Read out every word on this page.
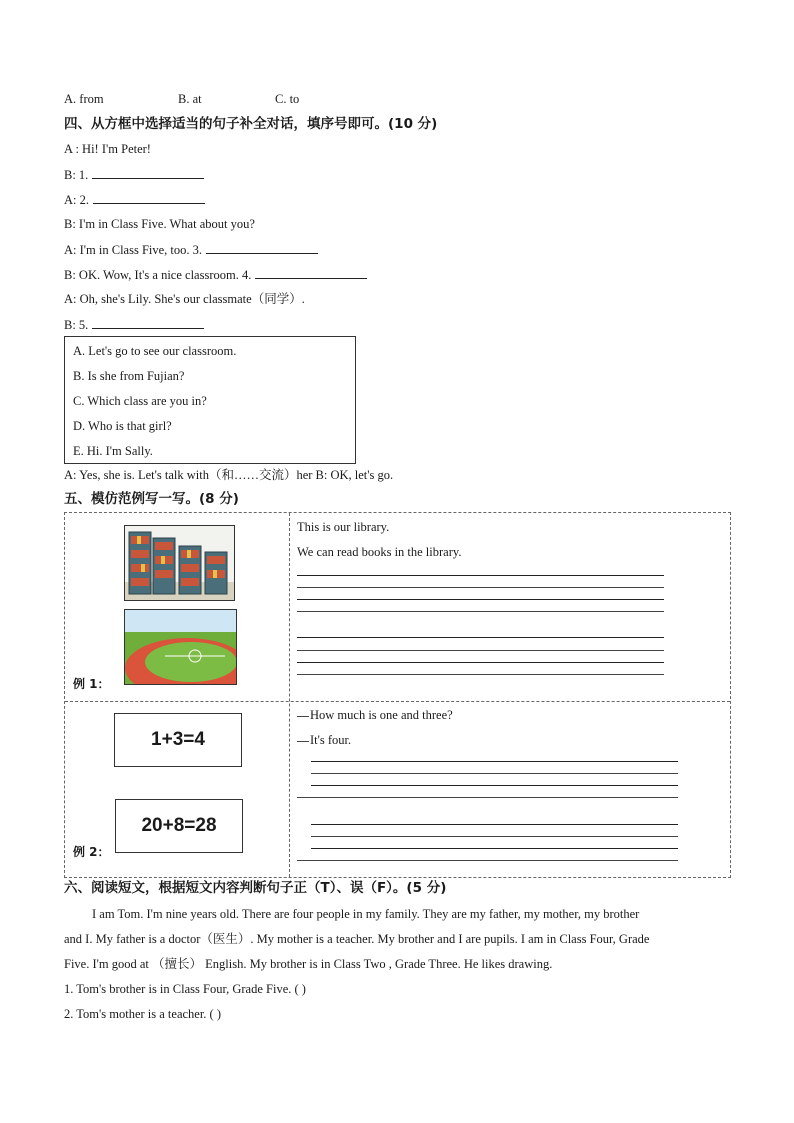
A. from	B. at	C. to
四、从方框中选择适当的句子补全对话，填序号即可。(10 分)
A : Hi! I'm Peter!
B: 1.
A: 2.
B: I'm in Class Five. What about you?
A: I'm in Class Five, too. 3.
B: OK. Wow, It's a nice classroom. 4.
A: Oh, she's Lily. She's our classmate（同学）.
B: 5.
A. Let's go to see our classroom.
B. Is she from Fujian?
C. Which class are you in?
D. Who is that girl?
E. Hi. I'm Sally.
A: Yes, she is. Let's talk with（和……交流）her B: OK, let's go.
五、模仿范例写一写。(8 分)
例 1：
This is our library.
We can read books in the library.
1+3=4
20+8=28
例 2：
How much is one and three?
It's four.
六、阅读短文，根据短文内容判断句子正（T）、误（F）。(5 分)
I am Tom. I'm nine years old. There are four people in my family. They are my father, my mother, my brother
and I. My father is a doctor（医生）. My mother is a teacher. My brother and I are pupils. I am in Class Four, Grade
Five. I'm good at （擅长） English. My brother is in Class Two , Grade Three. He likes drawing.
1. Tom's brother is in Class Four, Grade Five. ( )
2. Tom's mother is a teacher. ( )
